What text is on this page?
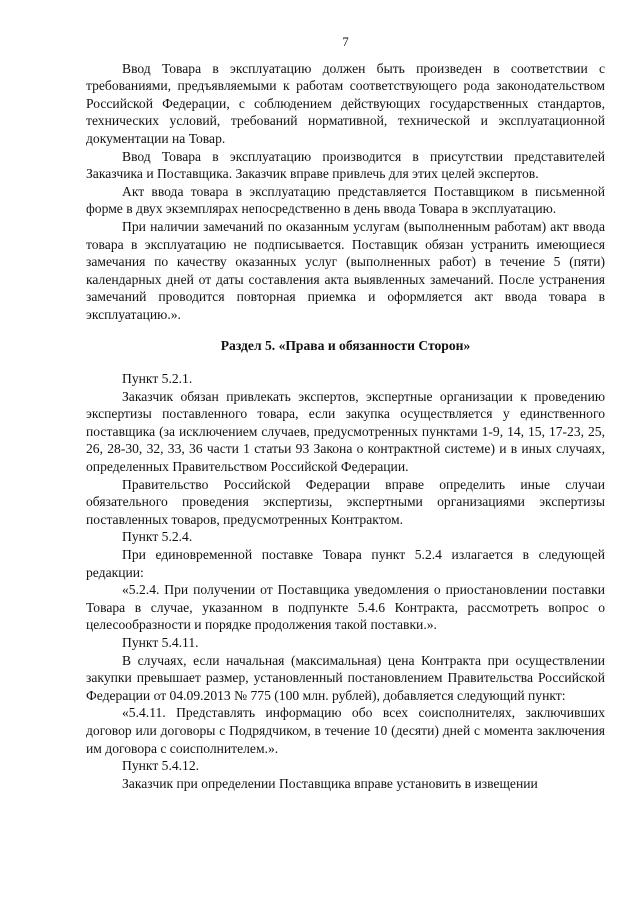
7

Ввод Товара в эксплуатацию должен быть произведен в соответствии с требованиями, предъявляемыми к работам соответствующего рода законодательством Российской Федерации, с соблюдением действующих государственных стандартов, технических условий, требований нормативной, технической и эксплуатационной документации на Товар.

Ввод Товара в эксплуатацию производится в присутствии представителей Заказчика и Поставщика. Заказчик вправе привлечь для этих целей экспертов.

Акт ввода товара в эксплуатацию представляется Поставщиком в письменной форме в двух экземплярах непосредственно в день ввода Товара в эксплуатацию.

При наличии замечаний по оказанным услугам (выполненным работам) акт ввода товара в эксплуатацию не подписывается. Поставщик обязан устранить имеющиеся замечания по качеству оказанных услуг (выполненных работ) в течение 5 (пяти) календарных дней от даты составления акта выявленных замечаний. После устранения замечаний проводится повторная приемка и оформляется акт ввода товара в эксплуатацию.».

Раздел 5. «Права и обязанности Сторон»

Пункт 5.2.1.

Заказчик обязан привлекать экспертов, экспертные организации к проведению экспертизы поставленного товара, если закупка осуществляется у единственного поставщика (за исключением случаев, предусмотренных пунктами 1-9, 14, 15, 17-23, 25, 26, 28-30, 32, 33, 36 части 1 статьи 93 Закона о контрактной системе) и в иных случаях, определенных Правительством Российской Федерации.

Правительство Российской Федерации вправе определить иные случаи обязательного проведения экспертизы, экспертными организациями экспертизы поставленных товаров, предусмотренных Контрактом.

Пункт 5.2.4.

При единовременной поставке Товара пункт 5.2.4 излагается в следующей редакции:

«5.2.4. При получении от Поставщика уведомления о приостановлении поставки Товара в случае, указанном в подпункте 5.4.6 Контракта, рассмотреть вопрос о целесообразности и порядке продолжения такой поставки.».

Пункт 5.4.11.

В случаях, если начальная (максимальная) цена Контракта при осуществлении закупки превышает размер, установленный постановлением Правительства Российской Федерации от 04.09.2013 № 775 (100 млн. рублей), добавляется следующий пункт:

«5.4.11. Представлять информацию обо всех соисполнителях, заключивших договор или договоры с Подрядчиком, в течение 10 (десяти) дней с момента заключения им договора с соисполнителем.».

Пункт 5.4.12.

Заказчик при определении Поставщика вправе установить в извещении
